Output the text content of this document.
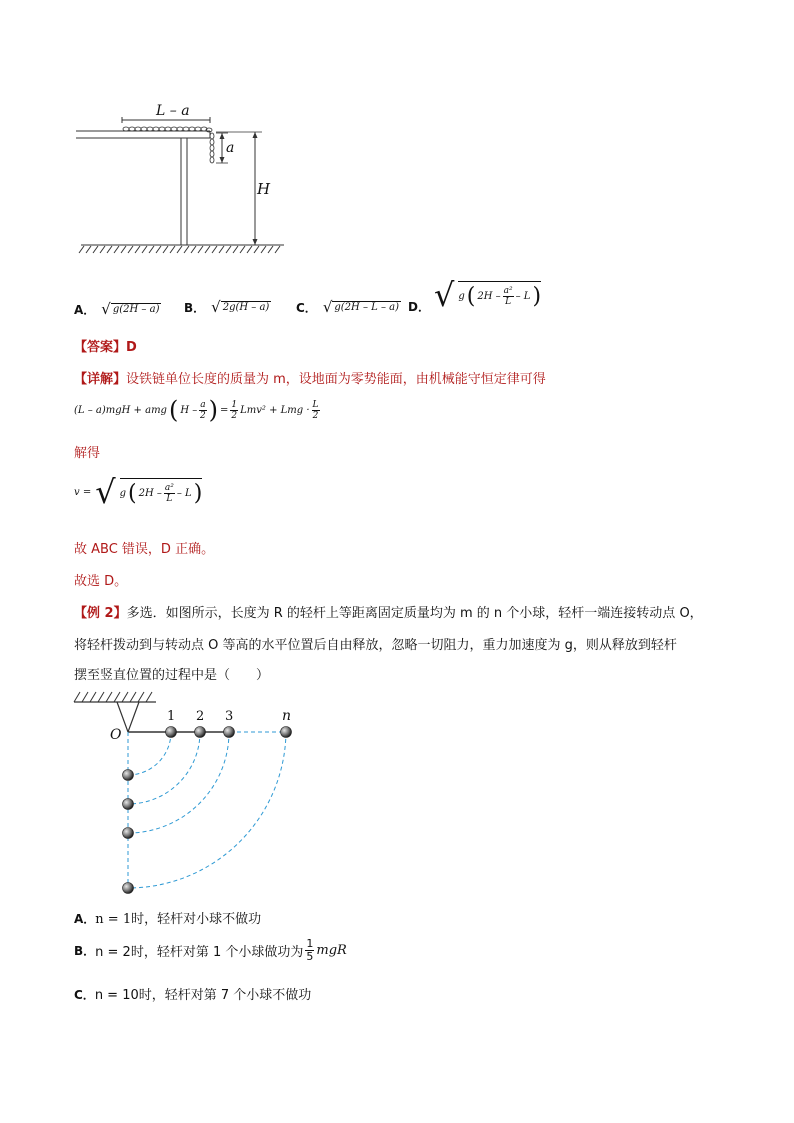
L – a
a
H
A． √ g(2H – a) B． √ 2g(H – a) C． √ g(2H – L – a) D． √ g ( $2H - \frac{\text{a²}}{L}$ – L )
【答案】D
【详解】设铁链单位长度的质量为 m，设地面为零势能面，由机械能守恒定律可得
(L – a)mgH + amg ( H – $\frac{a}{2}$ ) = $\frac{1}{2} Lmv^2$ + Lmg · $\frac{L}{2}$
解得
v = √ g ( $2H - \frac{\text{a²}}{L}$ – L )
故 ABC 错误，D 正确。
故选 D。
【例 2】多选．如图所示，长度为 R 的轻杆上等距离固定质量均为 m 的 n 个小球，轻杆一端连接转动点 O，
将轻杆拨动到与转动点 O 等高的水平位置后自由释放，忽略一切阻力，重力加速度为 g，则从释放到轻杆
摆至竖直位置的过程中是（　　）
O
1 2 3	n
A．n = 1时，轻杆对小球不做功
B． n = 2时，轻杆对第 1 个小球做功为 $\frac{1}{5}$ mgR
C．n = 10时，轻杆对第 7 个小球不做功
